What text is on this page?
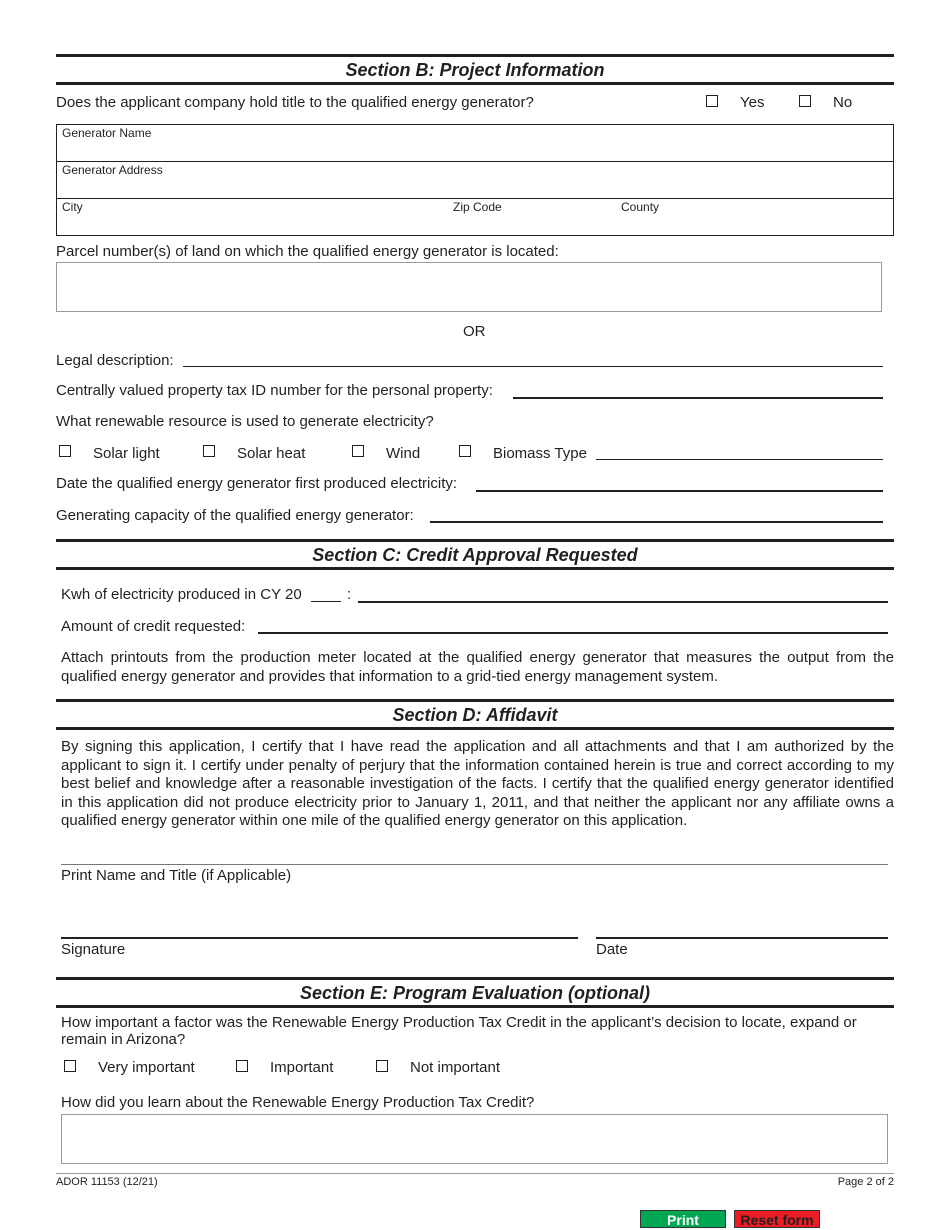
Section B: Project Information
Does the applicant company hold title to the qualified energy generator?	Yes	No
Generator Name
Generator Address
City	Zip Code	County
Parcel number(s) of land on which the qualified energy generator is located:
OR
Legal description:
Centrally valued property tax ID number for the personal property:
What renewable resource is used to generate electricity?
Solar light	Solar heat	Wind	Biomass Type
Date the qualified energy generator first produced electricity:
Generating capacity of the qualified energy generator:
Section C: Credit Approval Requested
Kwh of electricity produced in CY 20	:
Amount of credit requested:
Attach printouts from the production meter located at the qualified energy generator that measures the output from the qualified energy generator and provides that information to a grid-tied energy management system.
Section D: Affidavit
By signing this application, I certify that I have read the application and all attachments and that I am authorized by the applicant to sign it. I certify under penalty of perjury that the information contained herein is true and correct according to my best belief and knowledge after a reasonable investigation of the facts. I certify that the qualified energy generator identified in this application did not produce electricity prior to January 1, 2011, and that neither the applicant nor any affiliate owns a qualified energy generator within one mile of the qualified energy generator on this application.
Print Name and Title (if Applicable)
Signature	Date
Section E: Program Evaluation (optional)
How important a factor was the Renewable Energy Production Tax Credit in the applicant’s decision to locate, expand or remain in Arizona?
Very important	Important	Not important
How did you learn about the Renewable Energy Production Tax Credit?
ADOR 11153 (12/21)	Page 2 of 2
Print	Reset form
